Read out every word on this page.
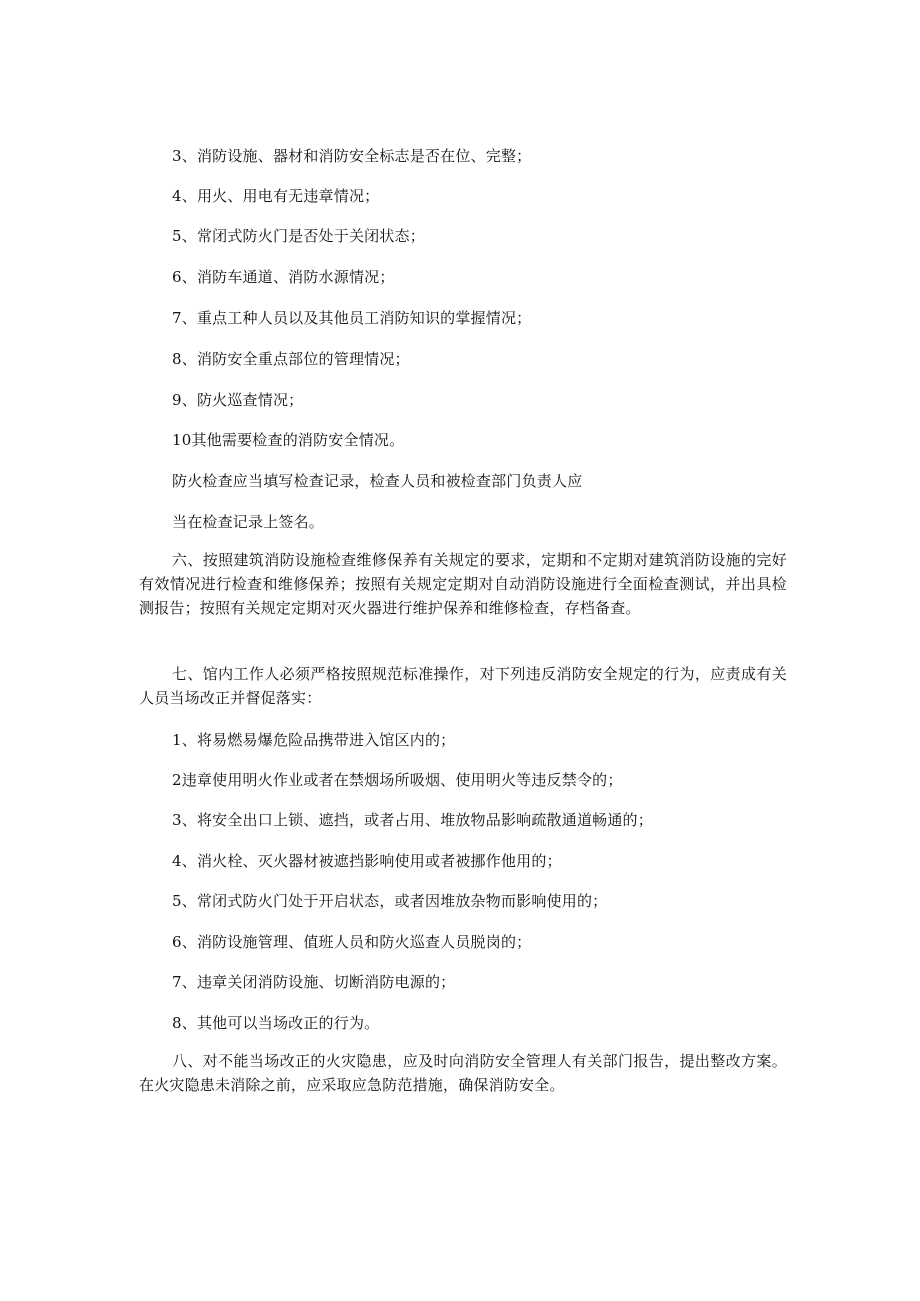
3、消防设施、器材和消防安全标志是否在位、完整；
4、用火、用电有无违章情况；
5、常闭式防火门是否处于关闭状态；
6、消防车通道、消防水源情况；
7、重点工种人员以及其他员工消防知识的掌握情况；
8、消防安全重点部位的管理情况；
9、防火巡查情况；
10其他需要检查的消防安全情况。
防火检查应当填写检查记录，检查人员和被检查部门负责人应
当在检查记录上签名。
六、按照建筑消防设施检查维修保养有关规定的要求，定期和不定期对建筑消防设施的完好有效情况进行检查和维修保养；按照有关规定定期对自动消防设施进行全面检查测试，并出具检测报告；按照有关规定定期对灭火器进行维护保养和维修检查，存档备查。
七、馆内工作人必须严格按照规范标准操作，对下列违反消防安全规定的行为，应责成有关人员当场改正并督促落实：
1、将易燃易爆危险品携带进入馆区内的；
2违章使用明火作业或者在禁烟场所吸烟、使用明火等违反禁令的；
3、将安全出口上锁、遮挡，或者占用、堆放物品影响疏散通道畅通的；
4、消火栓、灭火器材被遮挡影响使用或者被挪作他用的；
5、常闭式防火门处于开启状态，或者因堆放杂物而影响使用的；
6、消防设施管理、值班人员和防火巡查人员脱岗的；
7、违章关闭消防设施、切断消防电源的；
8、其他可以当场改正的行为。
八、对不能当场改正的火灾隐患，应及时向消防安全管理人有关部门报告，提出整改方案。在火灾隐患未消除之前，应采取应急防范措施，确保消防安全。
